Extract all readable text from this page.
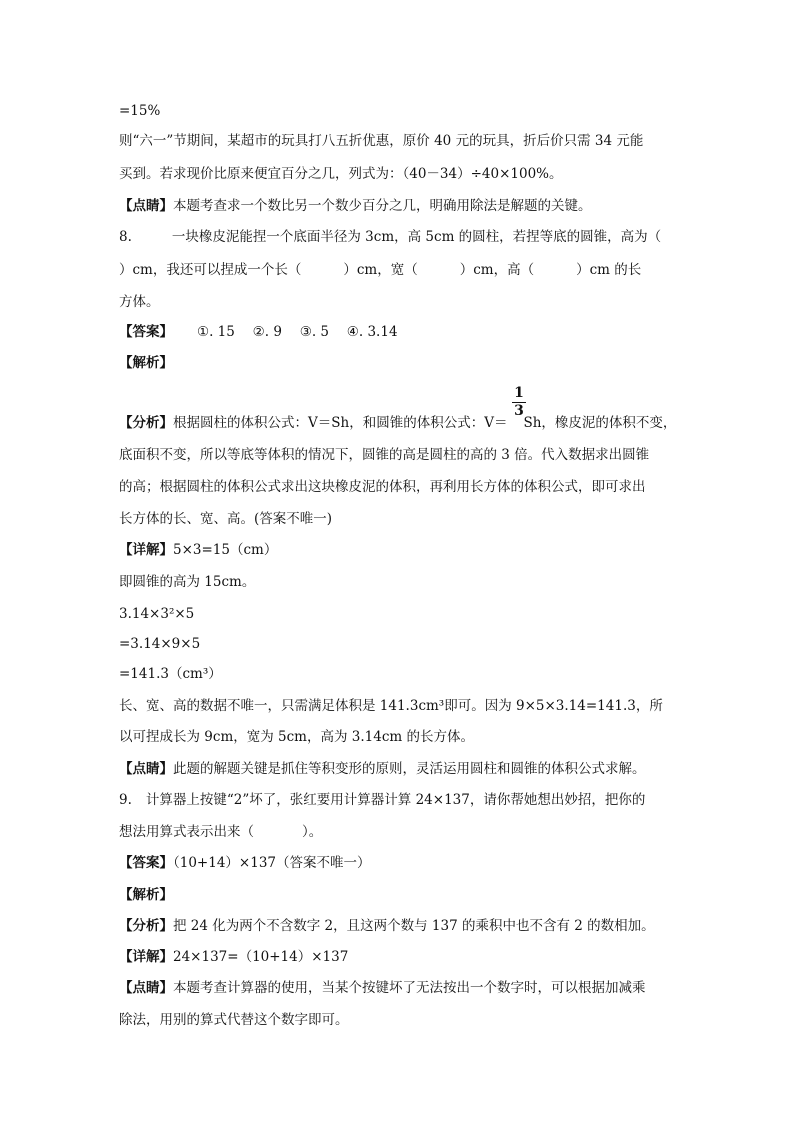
=15%
则“六一”节期间，某超市的玩具打八五折优惠，原价 40 元的玩具，折后价只需 34 元能
买到。若求现价比原来便宜百分之几，列式为：（40－34）÷40×100%。
【点睛】本题考查求一个数比另一个数少百分之几，明确用除法是解题的关键。
8.	一块橡皮泥能捏一个底面半径为 3cm，高 5cm 的圆柱，若捏等底的圆锥，高为（
）cm，我还可以捏成一个长（	）cm，宽（	）cm，高（	）cm 的长
方体。
【答案】 ①. 15　 ②. 9　 ③. 5　 ④. 3.14
【解析】
1
3
【分析】根据圆柱的体积公式：V＝Sh，和圆锥的体积公式：V＝ Sh，橡皮泥的体积不变，
底面积不变，所以等底等体积的情况下，圆锥的高是圆柱的高的 3 倍。代入数据求出圆锥
的高；根据圆柱的体积公式求出这块橡皮泥的体积，再利用长方体的体积公式，即可求出
长方体的长、宽、高。(答案不唯一)
【详解】5×3=15（cm）
即圆锥的高为 15cm。
3.14×3²×5
=3.14×9×5
=141.3（cm³）
长、宽、高的数据不唯一，只需满足体积是 141.3cm³即可。因为 9×5×3.14=141.3，所
以可捏成长为 9cm，宽为 5cm，高为 3.14cm 的长方体。
【点睛】此题的解题关键是抓住等积变形的原则，灵活运用圆柱和圆锥的体积公式求解。
9. 计算器上按键“2”坏了，张红要用计算器计算 24×137，请你帮她想出妙招，把你的
想法用算式表示出来（	）。
【答案】（10+14）×137（答案不唯一）
【解析】
【分析】把 24 化为两个不含数字 2，且这两个数与 137 的乘积中也不含有 2 的数相加。
【详解】24×137=（10+14）×137
【点睛】本题考查计算器的使用，当某个按键坏了无法按出一个数字时，可以根据加减乘
除法，用别的算式代替这个数字即可。
